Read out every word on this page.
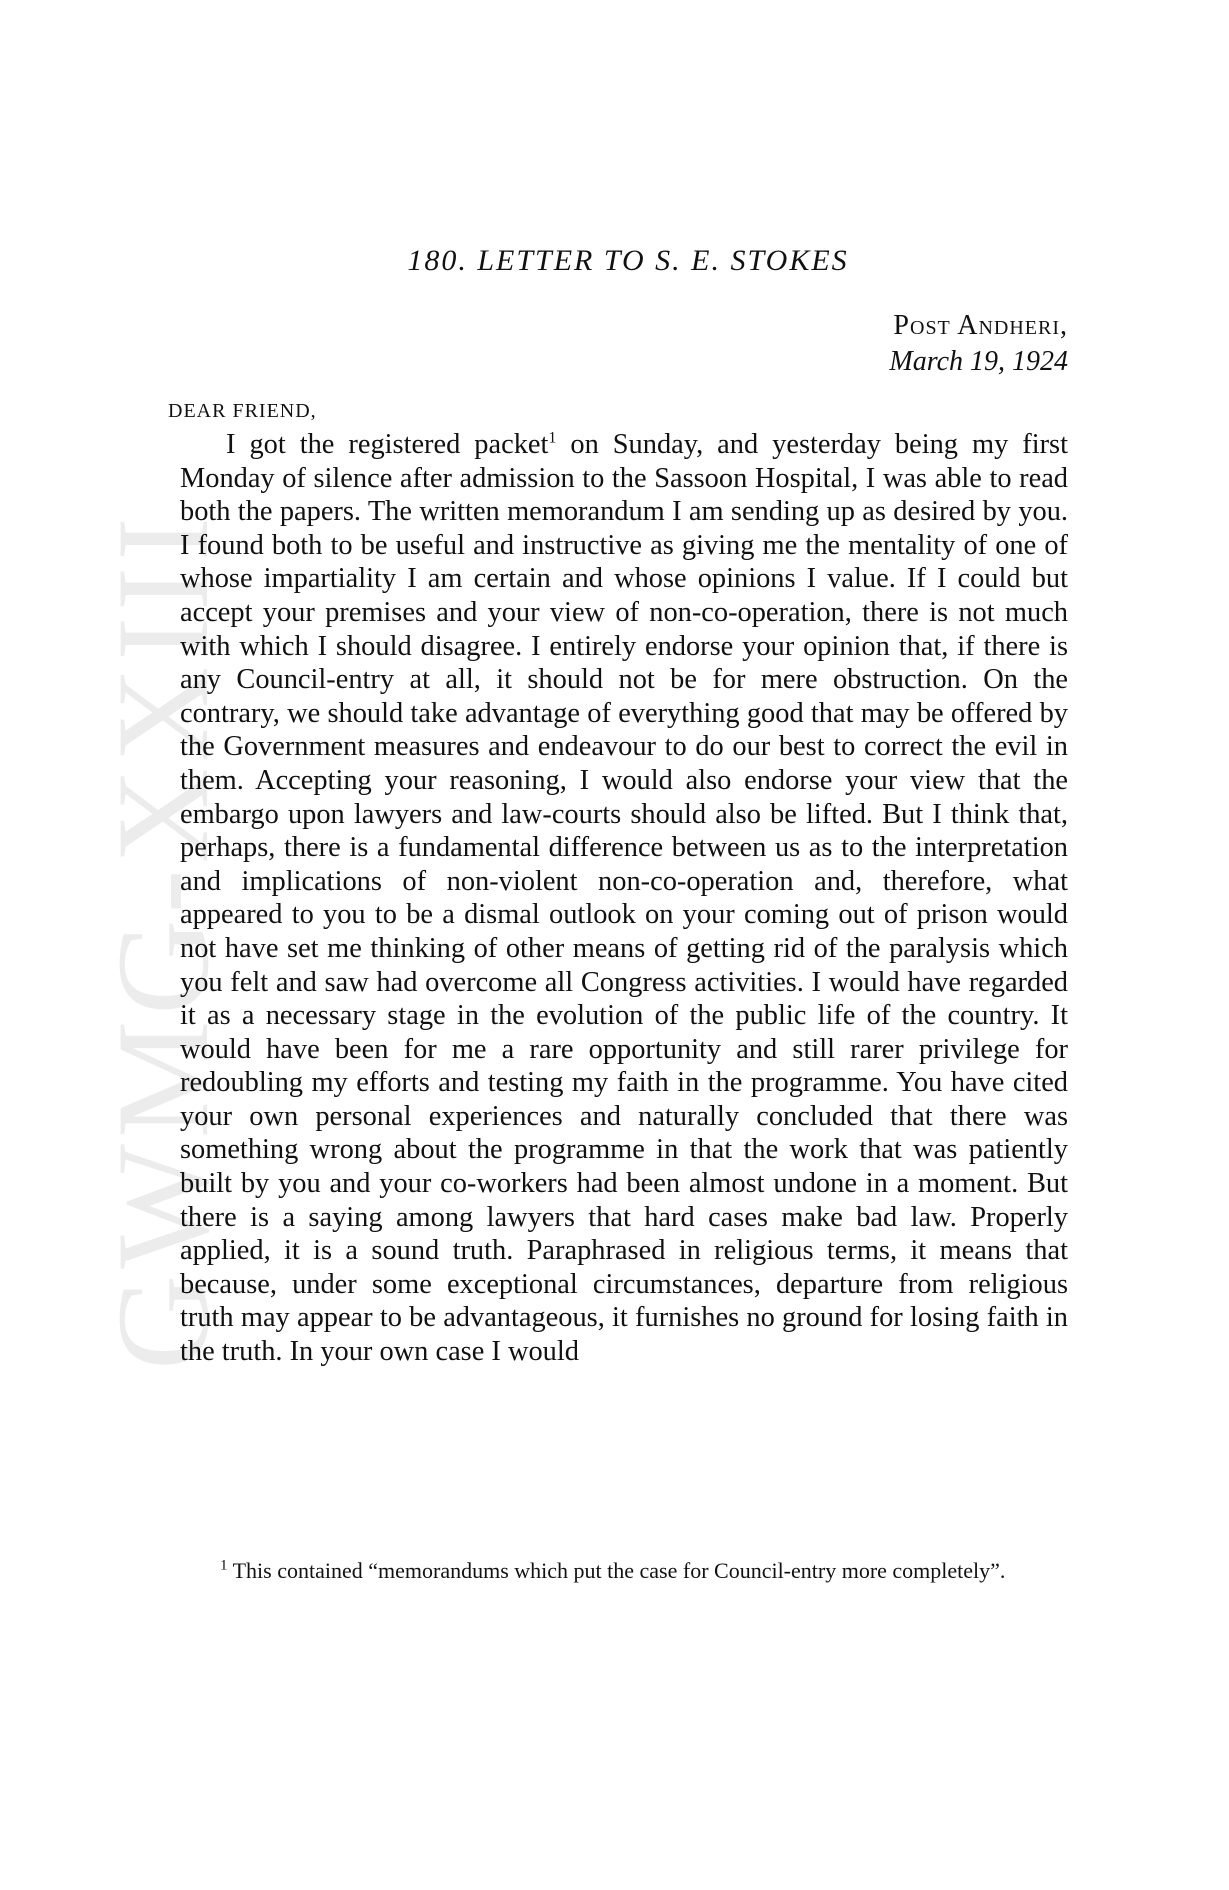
GWMG-XXIII
180. LETTER TO S. E. STOKES
Post Andheri,
March 19, 1924
DEAR FRIEND,

I got the registered packet$^1$ on Sunday, and yesterday being my first Monday of silence after admission to the Sassoon Hospital, I was able to read both the papers. The written memorandum I am sending up as desired by you. I found both to be useful and instructive as giving me the mentality of one of whose impartiality I am certain and whose opinions I value. If I could but accept your premises and your view of non-co-operation, there is not much with which I should disagree. I entirely endorse your opinion that, if there is any Council-entry at all, it should not be for mere obstruction. On the contrary, we should take advantage of everything good that may be offered by the Government measures and endeavour to do our best to correct the evil in them. Accepting your reasoning, I would also endorse your view that the embargo upon lawyers and law-courts should also be lifted. But I think that, perhaps, there is a fundamental difference between us as to the interpretation and implications of non-violent non-co-operation and, therefore, what appeared to you to be a dismal outlook on your coming out of prison would not have set me thinking of other means of getting rid of the paralysis which you felt and saw had overcome all Congress activities. I would have regarded it as a necessary stage in the evolution of the public life of the country. It would have been for me a rare opportunity and still rarer privilege for redoubling my efforts and testing my faith in the programme. You have cited your own personal experiences and naturally concluded that there was something wrong about the programme in that the work that was patiently built by you and your co-workers had been almost undone in a moment. But there is a saying among lawyers that hard cases make bad law. Properly applied, it is a sound truth. Paraphrased in religious terms, it means that because, under some exceptional circumstances, departure from religious truth may appear to be advantageous, it furnishes no ground for losing faith in the truth. In your own case I would

$^1$ This contained “memorandums which put the case for Council-entry more completely”.
